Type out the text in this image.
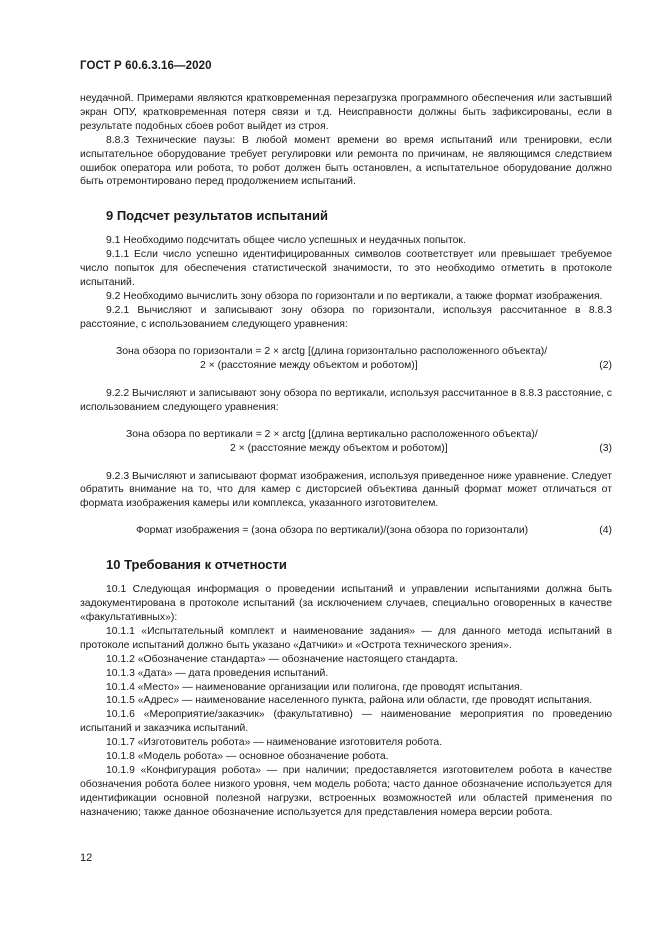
ГОСТ Р 60.6.3.16—2020

неудачной. Примерами являются кратковременная перезагрузка программного обеспечения или застывший экран ОПУ, кратковременная потеря связи и т.д. Неисправности должны быть зафиксированы, если в результате подобных сбоев робот выйдет из строя.

8.8.3 Технические паузы: В любой момент времени во время испытаний или тренировки, если испытательное оборудование требует регулировки или ремонта по причинам, не являющимся следствием ошибок оператора или робота, то робот должен быть остановлен, а испытательное оборудование должно быть отремонтировано перед продолжением испытаний.

9 Подсчет результатов испытаний

9.1 Необходимо подсчитать общее число успешных и неудачных попыток.

9.1.1 Если число успешно идентифицированных символов соответствует или превышает требуемое число попыток для обеспечения статистической значимости, то это необходимо отметить в протоколе испытаний.

9.2 Необходимо вычислить зону обзора по горизонтали и по вертикали, а также формат изображения.

9.2.1 Вычисляют и записывают зону обзора по горизонтали, используя рассчитанное в 8.8.3 расстояние, с использованием следующего уравнения:

Зона обзора по горизонтали = 2 × arctg [(длина горизонтально расположенного объекта)/
2 × (расстояние между объектом и роботом)]	(2)

9.2.2 Вычисляют и записывают зону обзора по вертикали, используя рассчитанное в 8.8.3 расстояние, с использованием следующего уравнения:

Зона обзора по вертикали = 2 × arctg [(длина вертикально расположенного объекта)/
2 × (расстояние между объектом и роботом)]	(3)

9.2.3 Вычисляют и записывают формат изображения, используя приведенное ниже уравнение. Следует обратить внимание на то, что для камер с дисторсией объектива данный формат может отличаться от формата изображения камеры или комплекса, указанного изготовителем.

Формат изображения = (зона обзора по вертикали)/(зона обзора по горизонтали)	(4)
10 Требования к отчетности

10.1 Следующая информация о проведении испытаний и управлении испытаниями должна быть задокументирована в протоколе испытаний (за исключением случаев, специально оговоренных в качестве «факультативных»):

10.1.1 «Испытательный комплект и наименование задания» — для данного метода испытаний в протоколе испытаний должно быть указано «Датчики» и «Острота технического зрения».

10.1.2 «Обозначение стандарта» — обозначение настоящего стандарта.

10.1.3 «Дата» — дата проведения испытаний.

10.1.4 «Место» — наименование организации или полигона, где проводят испытания.

10.1.5 «Адрес» — наименование населенного пункта, района или области, где проводят испытания.

10.1.6 «Мероприятие/заказчик» (факультативно) — наименование мероприятия по проведению испытаний и заказчика испытаний.

10.1.7 «Изготовитель робота» — наименование изготовителя робота.

10.1.8 «Модель робота» — основное обозначение робота.

10.1.9 «Конфигурация робота» — при наличии; предоставляется изготовителем робота в качестве обозначения робота более низкого уровня, чем модель робота; часто данное обозначение используется для идентификации основной полезной нагрузки, встроенных возможностей или областей применения по назначению; также данное обозначение используется для представления номера версии робота.

12
